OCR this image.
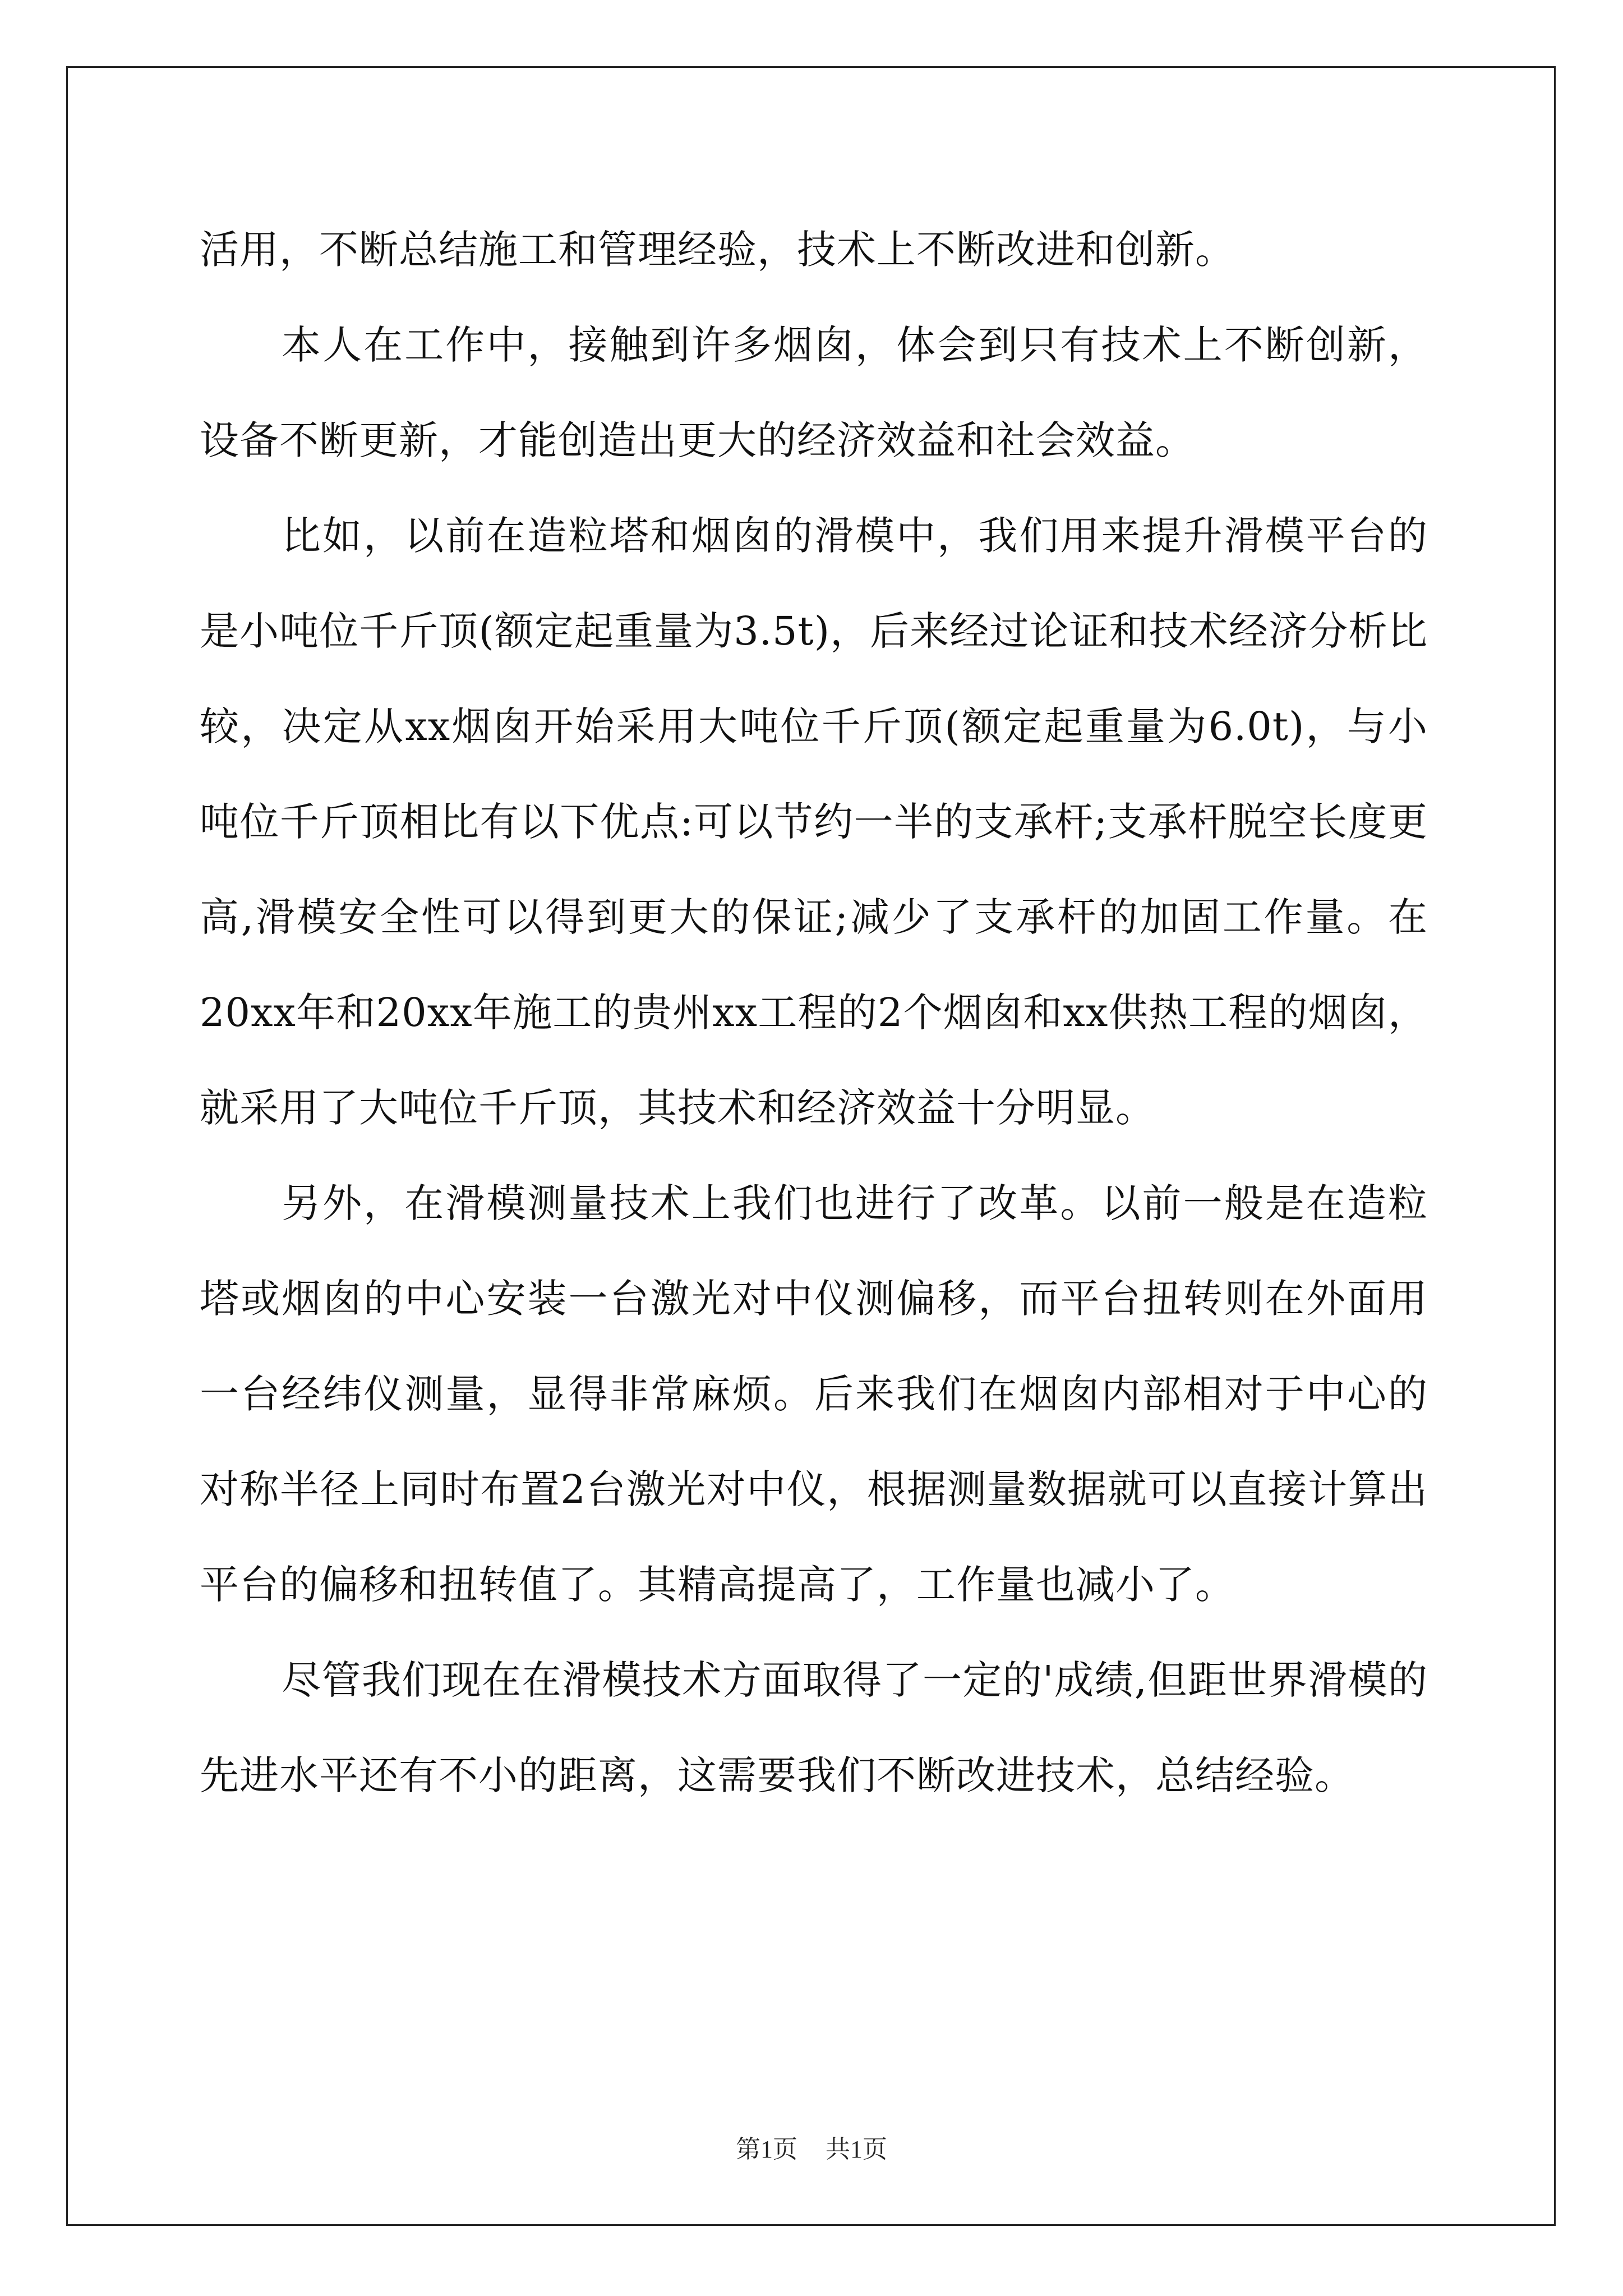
活用，不断总结施工和管理经验，技术上不断改进和创新。

本人在工作中，接触到许多烟囱，体会到只有技术上不断创新，设备不断更新，才能创造出更大的经济效益和社会效益。

比如，以前在造粒塔和烟囱的滑模中，我们用来提升滑模平台的是小吨位千斤顶(额定起重量为3.5t)，后来经过论证和技术经济分析比较，决定从xx烟囱开始采用大吨位千斤顶(额定起重量为6.0t)，与小吨位千斤顶相比有以下优点:可以节约一半的支承杆;支承杆脱空长度更高,滑模安全性可以得到更大的保证;减少了支承杆的加固工作量。在20xx年和20xx年施工的贵州xx工程的2个烟囱和xx供热工程的烟囱，就采用了大吨位千斤顶，其技术和经济效益十分明显。

另外，在滑模测量技术上我们也进行了改革。以前一般是在造粒塔或烟囱的中心安装一台激光对中仪测偏移，而平台扭转则在外面用一台经纬仪测量，显得非常麻烦。后来我们在烟囱内部相对于中心的对称半径上同时布置2台激光对中仪，根据测量数据就可以直接计算出平台的偏移和扭转值了。其精高提高了，工作量也减小了。

尽管我们现在在滑模技术方面取得了一定的'成绩,但距世界滑模的先进水平还有不小的距离，这需要我们不断改进技术，总结经验。

第1页 共1页
